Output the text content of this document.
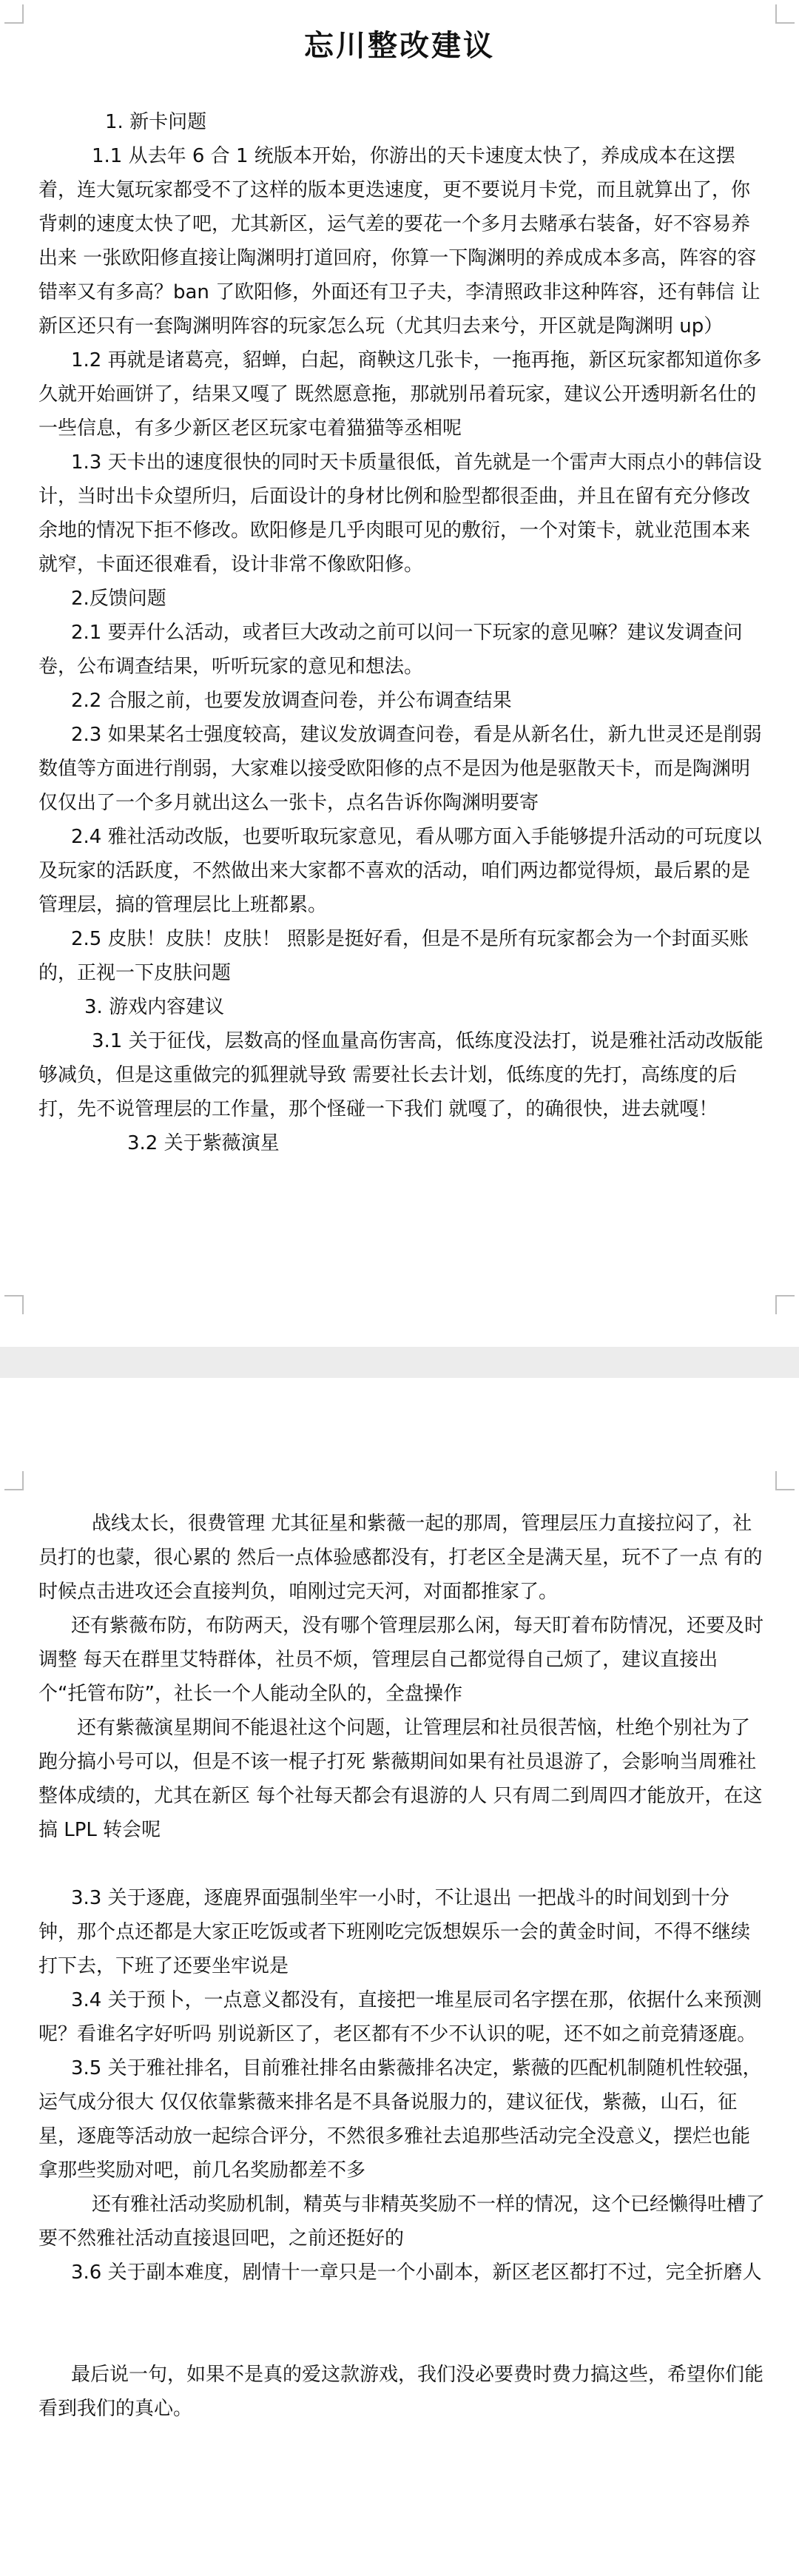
忘川整改建议

1. 新卡问题

1.1 从去年 6 合 1 统版本开始，你游出的天卡速度太快了，养成成本在这摆着，连大氪玩家都受不了这样的版本更迭速度，更不要说月卡党，而且就算出了，你背刺的速度太快了吧，尤其新区，运气差的要花一个多月去赌承右装备，好不容易养出来 一张欧阳修直接让陶渊明打道回府，你算一下陶渊明的养成成本多高，阵容的容错率又有多高？ban 了欧阳修，外面还有卫子夫，李清照政非这种阵容，还有韩信 让新区还只有一套陶渊明阵容的玩家怎么玩（尤其归去来兮，开区就是陶渊明 up）

1.2 再就是诸葛亮，貂蝉，白起，商鞅这几张卡，一拖再拖，新区玩家都知道你多久就开始画饼了，结果又嘎了 既然愿意拖，那就别吊着玩家，建议公开透明新名仕的一些信息，有多少新区老区玩家屯着猫猫等丞相呢

1.3 天卡出的速度很快的同时天卡质量很低，首先就是一个雷声大雨点小的韩信设计，当时出卡众望所归，后面设计的身材比例和脸型都很歪曲，并且在留有充分修改余地的情况下拒不修改。欧阳修是几乎肉眼可见的敷衍，一个对策卡，就业范围本来就窄，卡面还很难看，设计非常不像欧阳修。

2.反馈问题

2.1 要弄什么活动，或者巨大改动之前可以问一下玩家的意见嘛？建议发调查问卷，公布调查结果，听听玩家的意见和想法。

2.2 合服之前，也要发放调查问卷，并公布调查结果

2.3 如果某名士强度较高，建议发放调查问卷，看是从新名仕，新九世灵还是削弱数值等方面进行削弱，大家难以接受欧阳修的点不是因为他是驱散天卡，而是陶渊明仅仅出了一个多月就出这么一张卡，点名告诉你陶渊明要寄

2.4 雅社活动改版，也要听取玩家意见，看从哪方面入手能够提升活动的可玩度以及玩家的活跃度，不然做出来大家都不喜欢的活动，咱们两边都觉得烦，最后累的是管理层，搞的管理层比上班都累。

2.5 皮肤！皮肤！皮肤！ 照影是挺好看，但是不是所有玩家都会为一个封面买账的，正视一下皮肤问题

3. 游戏内容建议

3.1 关于征伐，层数高的怪血量高伤害高，低练度没法打，说是雅社活动改版能够减负，但是这重做完的狐狸就导致 需要社长去计划，低练度的先打，高练度的后打，先不说管理层的工作量，那个怪碰一下我们 就嘎了，的确很快，进去就嘎！

3.2 关于紫薇演星

战线太长，很费管理 尤其征星和紫薇一起的那周，管理层压力直接拉闷了，社员打的也蒙，很心累的 然后一点体验感都没有，打老区全是满天星，玩不了一点 有的时候点击进攻还会直接判负，咱刚过完天河，对面都推家了。

还有紫薇布防，布防两天，没有哪个管理层那么闲，每天盯着布防情况，还要及时调整 每天在群里艾特群体，社员不烦，管理层自己都觉得自己烦了，建议直接出个“托管布防”，社长一个人能动全队的，全盘操作

还有紫薇演星期间不能退社这个问题，让管理层和社员很苦恼，杜绝个别社为了跑分搞小号可以，但是不该一棍子打死 紫薇期间如果有社员退游了，会影响当周雅社整体成绩的，尤其在新区 每个社每天都会有退游的人 只有周二到周四才能放开，在这搞 LPL 转会呢

3.3 关于逐鹿，逐鹿界面强制坐牢一小时，不让退出 一把战斗的时间划到十分钟，那个点还都是大家正吃饭或者下班刚吃完饭想娱乐一会的黄金时间，不得不继续打下去，下班了还要坐牢说是

3.4 关于预卜，一点意义都没有，直接把一堆星辰司名字摆在那，依据什么来预测呢？看谁名字好听吗 别说新区了，老区都有不少不认识的呢，还不如之前竞猜逐鹿。

3.5 关于雅社排名，目前雅社排名由紫薇排名决定，紫薇的匹配机制随机性较强，运气成分很大 仅仅依靠紫薇来排名是不具备说服力的，建议征伐，紫薇，山石，征星，逐鹿等活动放一起综合评分，不然很多雅社去追那些活动完全没意义，摆烂也能拿那些奖励对吧，前几名奖励都差不多

还有雅社活动奖励机制，精英与非精英奖励不一样的情况，这个已经懒得吐槽了 要不然雅社活动直接退回吧，之前还挺好的

3.6 关于副本难度，剧情十一章只是一个小副本，新区老区都打不过，完全折磨人

最后说一句，如果不是真的爱这款游戏，我们没必要费时费力搞这些，希望你们能看到我们的真心。
